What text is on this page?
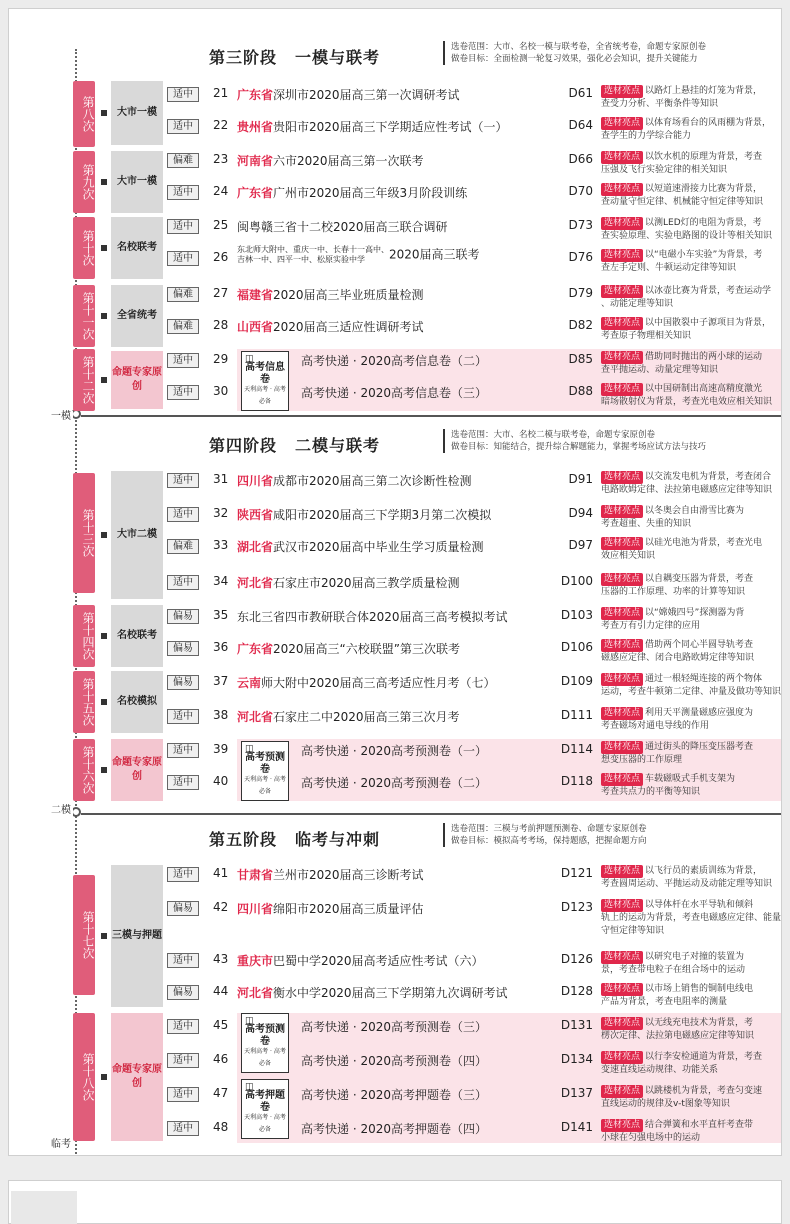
第三阶段 一模与联考
选卷范围：大市、名校一模与联考卷，全省统考卷，命题专家原创卷
做卷目标：全面检测一轮复习效果，强化必会知识，提升关键能力
第四阶段 二模与联考
选卷范围：大市、名校二模与联考卷，命题专家原创卷
做卷目标：知能结合，提升综合解题能力，掌握考场应试方法与技巧
第五阶段 临考与冲刺
选卷范围：三模与考前押题预测卷、命题专家原创卷
做卷目标：模拟高考考场，保持题感，把握命题方向
一模
二模
临考
第八次
第九次
第十次
第十一次
第十二次
第十三次
第十四次
第十五次
第十六次
第十七次
第十八次
大市一模
大市一模
名校联考
全省统考
命题专家原创
大市二模
名校联考
名校模拟
命题专家原创
三模与押题
命题专家原创
◫ 高考信息卷
天利高考 · 高考必备
◫ 高考预测卷
天利高考 · 高考必备
◫ 高考预测卷
天利高考 · 高考必备
◫ 高考押题卷
天利高考 · 高考必备
适中	21 广东省深圳市2020届高三第一次调研考试	D61	选材亮点 以路灯上悬挂的灯笼为背景，
查受力分析、平衡条件等知识
适中	22 贵州省贵阳市2020届高三下学期适应性考试（一）	D64	选材亮点 以体育场看台的风雨棚为背景，
查学生的力学综合能力
偏难	23 河南省六市2020届高三第一次联考	D66	选材亮点 以饮水机的原理为背景，考查
压强及飞行实验定律的相关知识
适中	24 广东省广州市2020届高三年级3月阶段训练	D70	选材亮点 以短道速滑接力比赛为背景，
查动量守恒定律、机械能守恒定律等知识
适中	25 闽粤赣三省十二校2020届高三联合调研	D73	选材亮点 以测LED灯的电阻为背景，考
查实验原理、实验电路图的设计等相关知识
适中	26
东北师大附中、重庆一中、长春十一高中、
吉林一中、四平一中、松原实验中学	2020届高三联考	D76	选材亮点 以“电磁小车实验”为背景，考
查左手定则、牛顿运动定律等知识
偏难	27 福建省2020届高三毕业班质量检测	D79	选材亮点 以冰壶比赛为背景，考查运动学
、动能定理等知识
偏难	28 山西省2020届高三适应性调研考试	D82	选材亮点 以中国散裂中子源项目为背景，
考查原子物理相关知识
适中	29	高考快递 · 2020高考信息卷（二）	D85	选材亮点 借助同时抛出的两小球的运动
查平抛运动、动量定理等知识
适中	30	高考快递 · 2020高考信息卷（三）	D88	选材亮点 以中国研制出高速高精度激光
暗场散射仪为背景，考查光电效应相关知识
适中	31 四川省成都市2020届高三第二次诊断性检测	D91	选材亮点 以交流发电机为背景，考查闭合
电路欧姆定律、法拉第电磁感应定律等知识
适中	32 陕西省咸阳市2020届高三下学期3月第二次模拟	D94	选材亮点 以冬奥会自由滑雪比赛为
考查超重、失重的知识
偏难	33 湖北省武汉市2020届高中毕业生学习质量检测	D97	选材亮点 以硅光电池为背景，考查光电
效应相关知识
适中	34 河北省石家庄市2020届高三教学质量检测	D100	选材亮点 以自耦变压器为背景，考查
压器的工作原理、功率的计算等知识
偏易	35 东北三省四市教研联合体2020届高三高考模拟考试	D103	选材亮点 以“嫦娥四号”探测器为背
考查万有引力定律的应用
偏易	36 广东省2020届高三“六校联盟”第三次联考	D106	选材亮点 借助两个同心半圆导轨考查
磁感应定律、闭合电路欧姆定律等知识
偏易	37 云南师大附中2020届高三高考适应性月考（七）	D109	选材亮点 通过一根轻绳连接的两个物体
运动，考查牛顿第二定律、冲量及做功等知识
适中	38 河北省石家庄二中2020届高三第三次月考	D111	选材亮点 利用天平测量磁感应强度为
考查磁场对通电导线的作用
适中	39	高考快递 · 2020高考预测卷（一）	D114	选材亮点 通过街头的降压变压器考查
想变压器的工作原理
适中	40	高考快递 · 2020高考预测卷（二）	D118	选材亮点 车载磁吸式手机支架为
考查共点力的平衡等知识
适中	41 甘肃省兰州市2020届高三诊断考试	D121	选材亮点 以飞行员的素质训练为背景，
考查圆周运动、平抛运动及动能定理等知识
偏易	42 四川省绵阳市2020届高三质量评估	D123	选材亮点 以导体杆在水平导轨和倾斜
轨上的运动为背景，考查电磁感应定律、能量守恒定律等知识
适中	43 重庆市巴蜀中学2020届高考适应性考试（六）	D126	选材亮点 以研究电子对撞的装置为
景，考查带电粒子在组合场中的运动
偏易	44 河北省衡水中学2020届高三下学期第九次调研考试	D128	选材亮点 以市场上销售的铜制电线电
产品为背景，考查电阻率的测量
适中	45	高考快递 · 2020高考预测卷（三）	D131	选材亮点 以无线充电技术为背景，考
楞次定律、法拉第电磁感应定律等知识
适中	46	高考快递 · 2020高考预测卷（四）	D134	选材亮点 以行李安检通道为背景，考查
变速直线运动规律、功能关系
适中	47	高考快递 · 2020高考押题卷（三）	D137	选材亮点 以跳楼机为背景，考查匀变速
直线运动的规律及v-t图象等知识
适中	48	高考快递 · 2020高考押题卷（四）	D141	选材亮点 结合弹簧和水平直杆考查带
小球在匀强电场中的运动
